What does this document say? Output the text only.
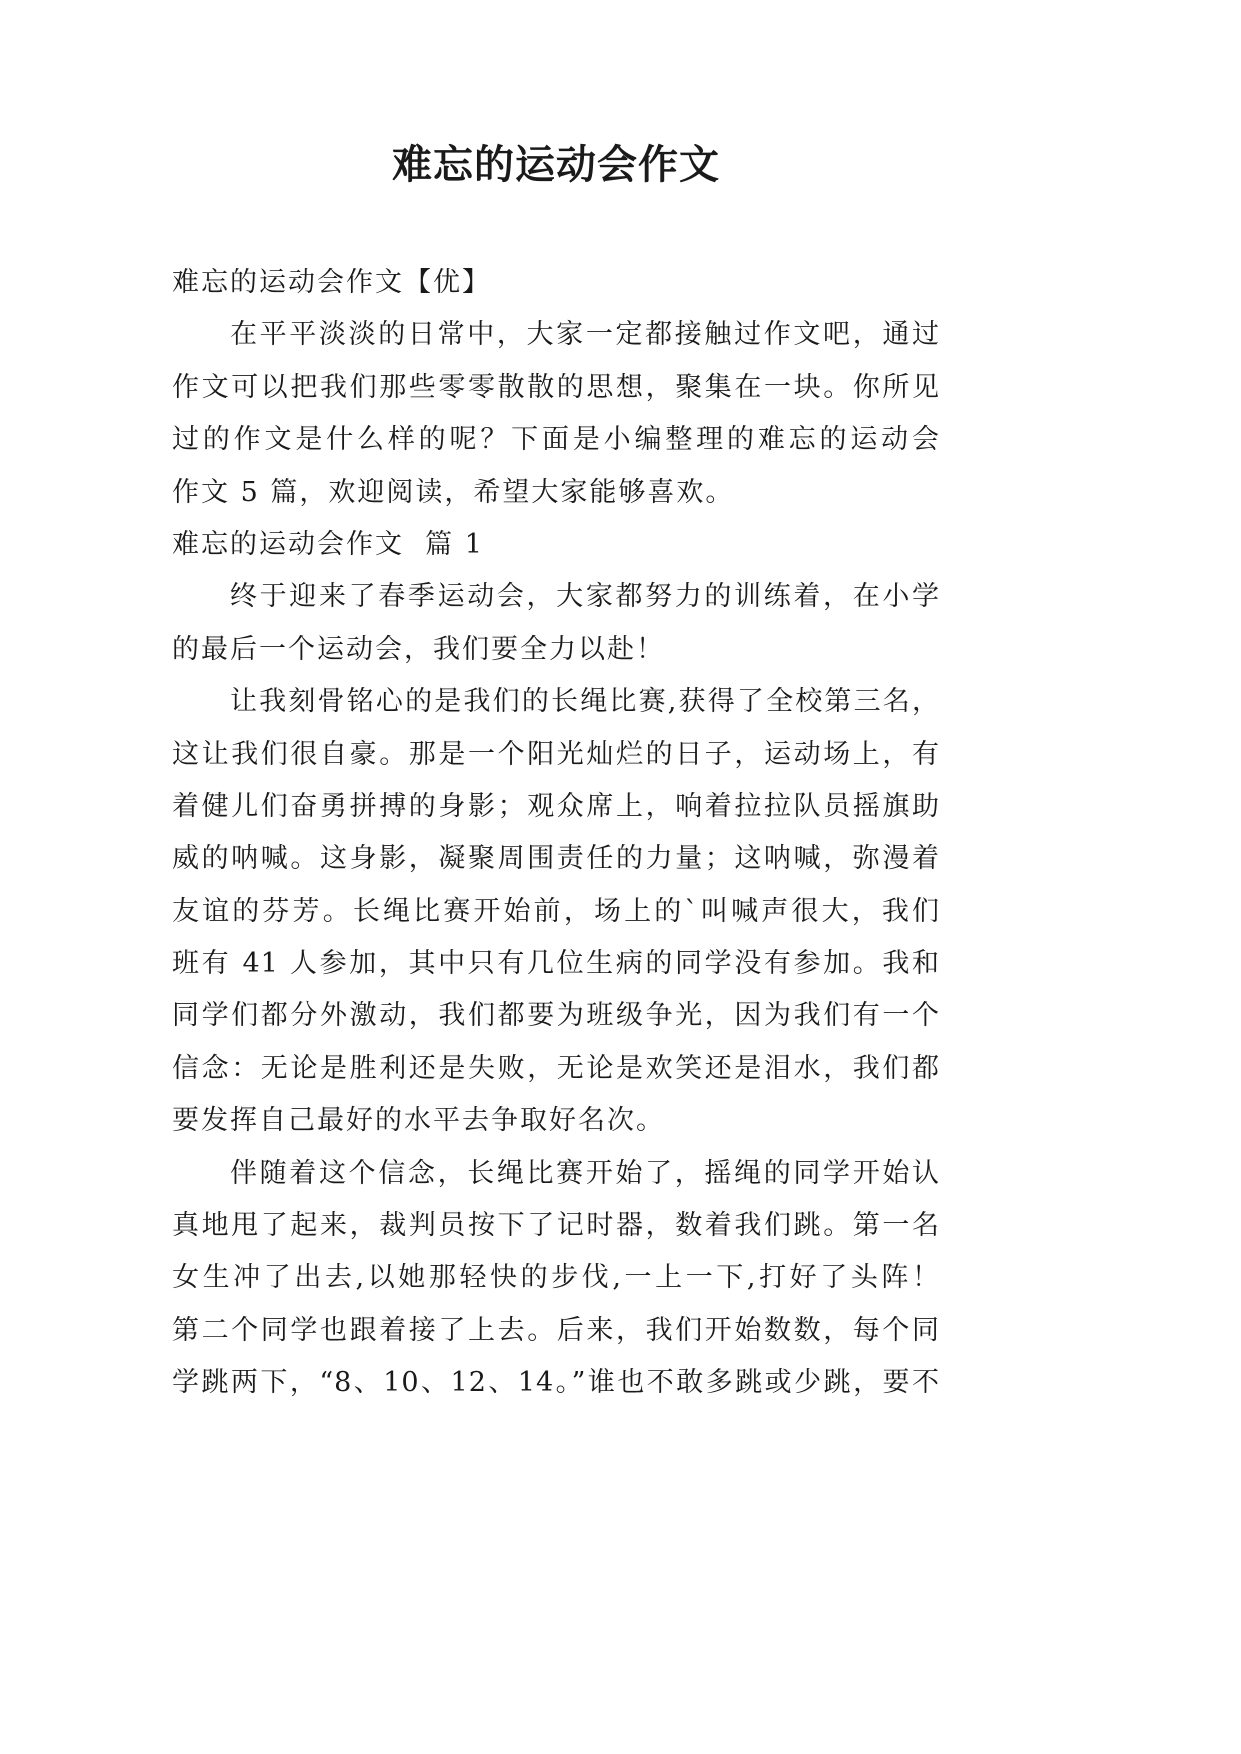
难忘的运动会作文
难忘的运动会作文【优】
在平平淡淡的日常中，大家一定都接触过作文吧，通过
作文可以把我们那些零零散散的思想，聚集在一块。你所见
过的作文是什么样的呢？下面是小编整理的难忘的运动会
作文 5 篇，欢迎阅读，希望大家能够喜欢。
难忘的运动会作文  篇 1
终于迎来了春季运动会，大家都努力的训练着，在小学
的最后一个运动会，我们要全力以赴！
让我刻骨铭心的是我们的长绳比赛,获得了全校第三名，
这让我们很自豪。那是一个阳光灿烂的日子，运动场上，有
着健儿们奋勇拼搏的身影；观众席上，响着拉拉队员摇旗助
威的呐喊。这身影，凝聚周围责任的力量；这呐喊，弥漫着
友谊的芬芳。长绳比赛开始前，场上的`叫喊声很大，我们
班有 41 人参加，其中只有几位生病的同学没有参加。我和
同学们都分外激动，我们都要为班级争光，因为我们有一个
信念：无论是胜利还是失败，无论是欢笑还是泪水，我们都
要发挥自己最好的水平去争取好名次。
伴随着这个信念，长绳比赛开始了，摇绳的同学开始认
真地甩了起来，裁判员按下了记时器，数着我们跳。第一名
女生冲了出去,以她那轻快的步伐,一上一下,打好了头阵！
第二个同学也跟着接了上去。后来，我们开始数数，每个同
学跳两下，“8、10、12、14。”谁也不敢多跳或少跳，要不
